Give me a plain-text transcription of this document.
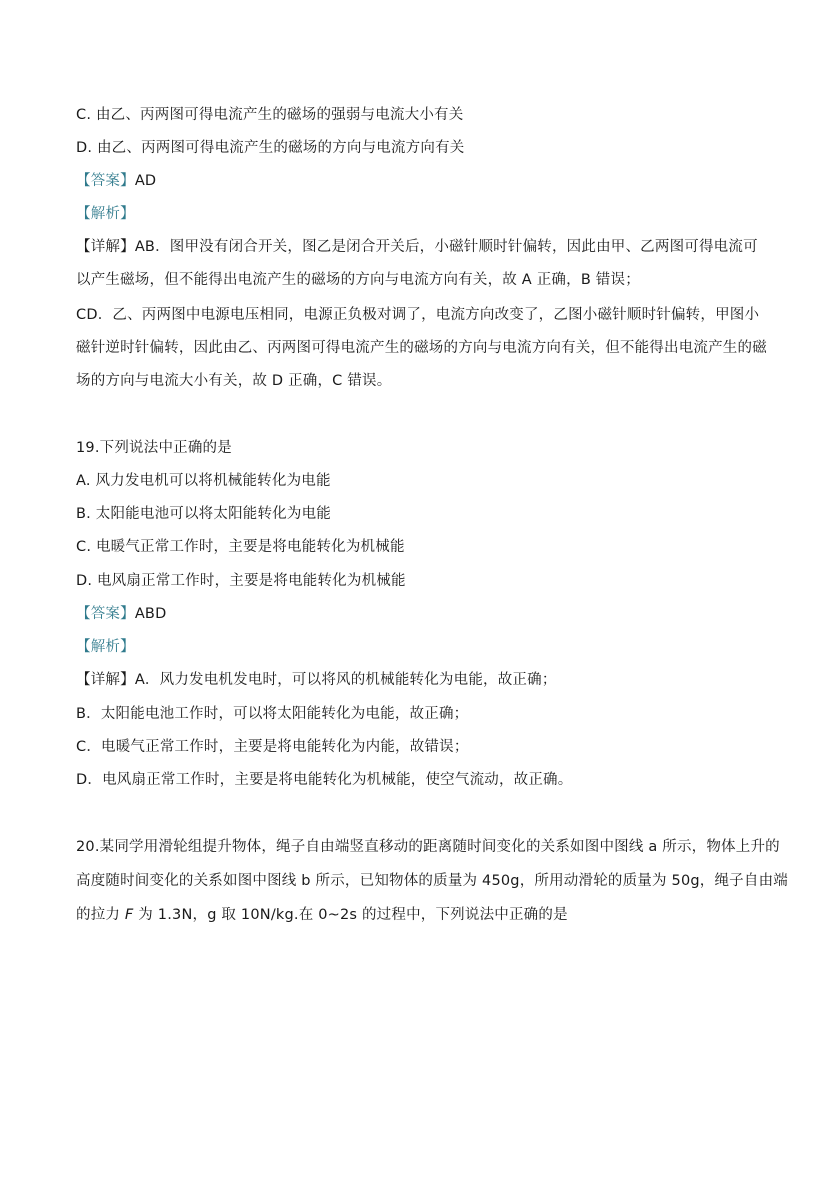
C. 由乙、丙两图可得电流产生的磁场的强弱与电流大小有关
D. 由乙、丙两图可得电流产生的磁场的方向与电流方向有关
【答案】AD
【解析】
【详解】AB．图甲没有闭合开关，图乙是闭合开关后，小磁针顺时针偏转，因此由甲、乙两图可得电流可
以产生磁场，但不能得出电流产生的磁场的方向与电流方向有关，故 A 正确，B 错误；
CD．乙、丙两图中电源电压相同，电源正负极对调了，电流方向改变了，乙图小磁针顺时针偏转，甲图小
磁针逆时针偏转，因此由乙、丙两图可得电流产生的磁场的方向与电流方向有关，但不能得出电流产生的磁
场的方向与电流大小有关，故 D 正确，C 错误。
19.下列说法中正确的是
A. 风力发电机可以将机械能转化为电能
B. 太阳能电池可以将太阳能转化为电能
C. 电暖气正常工作时，主要是将电能转化为机械能
D. 电风扇正常工作时，主要是将电能转化为机械能
【答案】ABD
【解析】
【详解】A．风力发电机发电时，可以将风的机械能转化为电能，故正确；
B．太阳能电池工作时，可以将太阳能转化为电能，故正确；
C．电暖气正常工作时，主要是将电能转化为内能，故错误；
D．电风扇正常工作时，主要是将电能转化为机械能，使空气流动，故正确。
20.某同学用滑轮组提升物体，绳子自由端竖直移动的距离随时间变化的关系如图中图线 a 所示，物体上升的
高度随时间变化的关系如图中图线 b 所示，已知物体的质量为 450g，所用动滑轮的质量为 50g，绳子自由端
的拉力 F 为 1.3N，g 取 10N/kg.在 0~2s 的过程中，下列说法中正确的是
